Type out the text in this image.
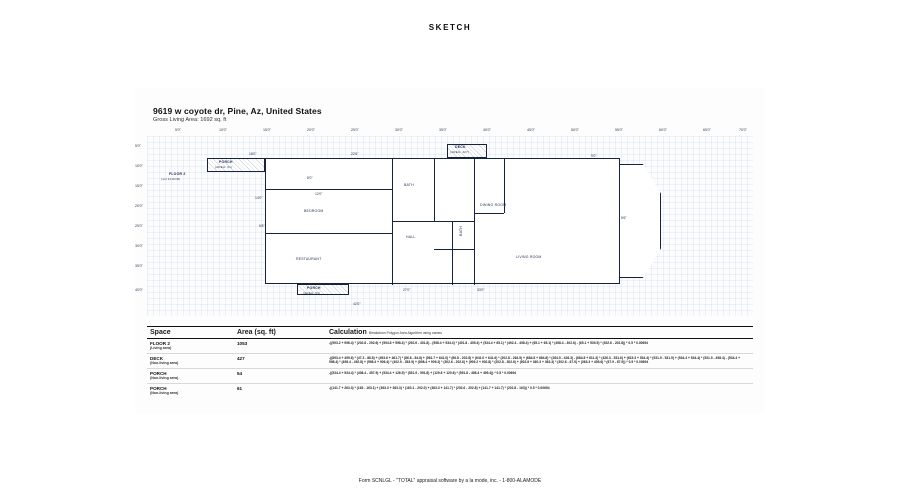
SKETCH
9619 w coyote dr, Pine, Az, United States
Gross Living Area: 1692 sq. ft
5'0"	10'0"	15'0"	20'0"	25'0"	30'0"	35'0"	40'0"	45'0"	50'0"	55'0"	60'0"	65'0"	70'0"
5'0"
10'0"
15'0"
20'0"
25'0"
30'0"
35'0"
40'0"
BEDROOM
BATH
RESTAURANT
DINING ROOM
LIVING ROOM
HALL
BATH
FLOOR 2
(1st FLOOR)
PORCH
(AREA: 61)
PORCH
(AREA: 54)
DECK
(AREA: 427)
18'0"	22'6"
8'0"
12'0"
6'8"
27'0"	33'0"
5'6"
14'0"
9'0"
42'0"
Space	Area (sq. ft)	Calculation Breakdown Polygon Area Algorithm using names
FLOOR 2
(Living area)
1053	-((593.2 + 996.4) * (202.8 - 292.6) + (594.8 + 598.4) * (292.6 - 401.8) - (598.4 + 534.4) * (401.8 - 405.4) + (534.4 + 65.1) * (492.4 - 498.4) + (65.1 + 65.1) * (498.4 - 302.6) - (65.1 + 539.5) * (302.6 - 202.8)) * 0.5 * 0.00694
DECK
(Non-living area)
427	-((893.4 + 499.6) * (47.3 - 86.8) + (493.6 + 461.7) * (86.8 - 84.8) + (561.7 + 641.0) * (86.8 - 202.8) + (641.0 + 641.6) * (202.8 - 264.5) + (684.8 + 684.8) * (264.5 - 426.3) - (684.8 + 611.3) * (426.3 - 531.6) + (615.3 + 534.4) * (531.9 - 531.9) + (534.4 + 534.4) * (531.9 - 498.4) - (534.4 + 598.4) * (498.4 - 492.8) + (598.4 + 906.4) * (402.9 - 353.9) + (898.4 + 909.2) * (302.6 - 202.6) + (909.2 + 902.8) * (202.8 - 302.6) + (902.8 + 360.3 + 363.3) * (302.6 - 67.9) + (363.3 + 495.6) * (67.9 - 67.9)) * 0.5 * 0.00694
PORCH
(Non-living area)
54	-((534.4 + 534.4) * (408.4 - 457.9) + (534.4 + 126.5) * (531.9 - 591.8) + (129.6 + 120.6) * (591.8 - 498.4 + 499.4)) * 0.5 * 0.00694
PORCH
(Non-living area)
61	-((141.7 + 263.3) * (163 - 163.1) + (363.3 + 363.3) * (163.1 - 202.0) + (363.3 + 141.7) * (202.6 - 202.8) + (141.7 + 141.7) * (202.8 - 163)) * 0.5 * 0.00694
Form SCNLGL - "TOTAL" appraisal software by a la mode, inc. - 1-800-ALAMODE
